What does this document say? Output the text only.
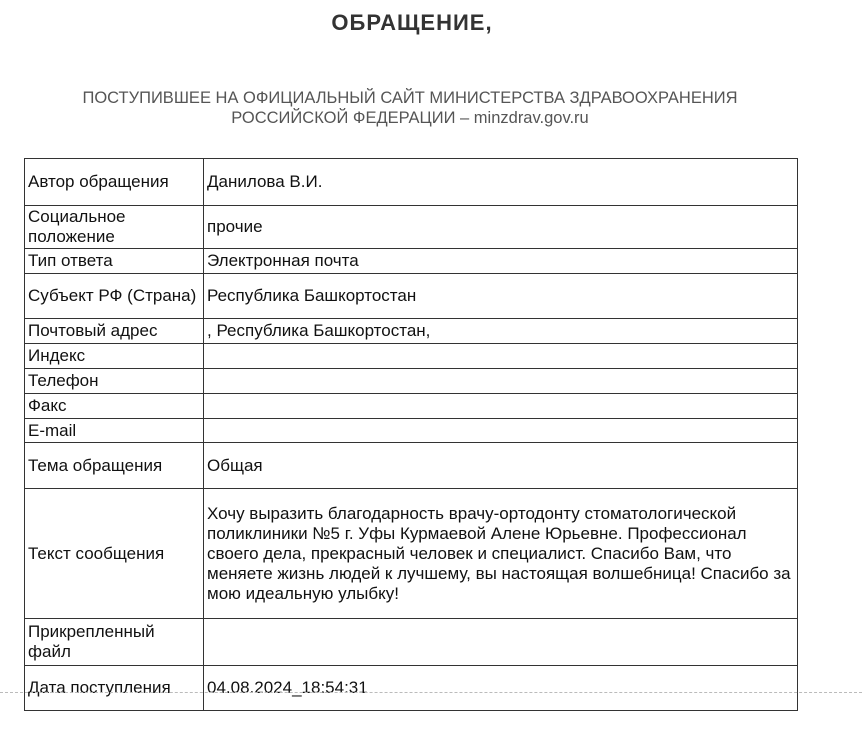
ОБРАЩЕНИЕ,
ПОСТУПИВШЕЕ НА ОФИЦИАЛЬНЫЙ САЙТ МИНИСТЕРСТВА ЗДРАВООХРАНЕНИЯ
РОССИЙСКОЙ ФЕДЕРАЦИИ – minzdrav.gov.ru
Автор обращения	Данилова В.И.
Социальное положение	прочие
Тип ответа	Электронная почта
Субъект РФ (Страна)	Республика Башкортостан
Почтовый адрес	, Республика Башкортостан,
Индекс	
Телефон	
Факс	
E-mail	
Тема обращения	Общая
Текст сообщения	Хочу выразить благодарность врачу-ортодонту стоматологической поликлиники №5 г. Уфы Курмаевой Алене Юрьевне. Профессионал своего дела, прекрасный человек и специалист. Спасибо Вам, что меняете жизнь людей к лучшему, вы настоящая волшебница! Спасибо за мою идеальную улыбку!
Прикрепленный файл	
Дата поступления	04.08.2024_18:54:31
